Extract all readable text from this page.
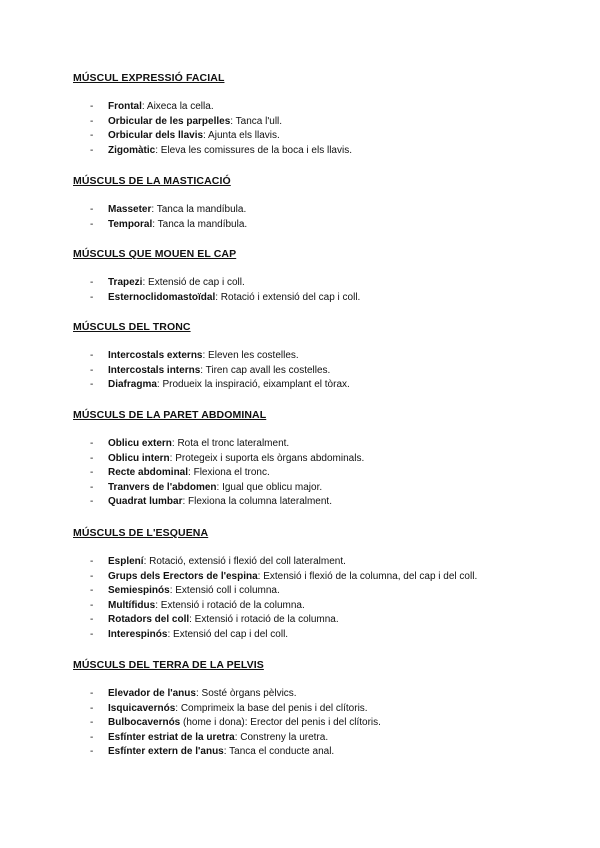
MÚSCUL EXPRESSIÓ FACIAL
- Frontal: Aixeca la cella.
- Orbicular de les parpelles: Tanca l'ull.
- Orbicular dels llavis: Ajunta els llavis.
- Zigomàtic: Eleva les comissures de la boca i els llavis.
MÚSCULS DE LA MASTICACIÓ
- Masseter: Tanca la mandíbula.
- Temporal: Tanca la mandíbula.
MÚSCULS QUE MOUEN EL CAP
- Trapezi: Extensió de cap i coll.
- Esternoclidomastoïdal: Rotació i extensió del cap i coll.
MÚSCULS DEL TRONC
- Intercostals externs: Eleven les costelles.
- Intercostals interns: Tiren cap avall les costelles.
- Diafragma: Produeix la inspiració, eixamplant el tòrax.
MÚSCULS DE LA PARET ABDOMINAL
- Oblicu extern: Rota el tronc lateralment.
- Oblicu intern: Protegeix i suporta els òrgans abdominals.
- Recte abdominal: Flexiona el tronc.
- Tranvers de l'abdomen: Igual que oblicu major.
- Quadrat lumbar: Flexiona la columna lateralment.
MÚSCULS DE L'ESQUENA
- Esplení: Rotació, extensió i flexió del coll lateralment.
- Grups dels Erectors de l'espina: Extensió i flexió de la columna, del cap i del coll.
- Semiespinós: Extensió coll i columna.
- Multífidus: Extensió i rotació de la columna.
- Rotadors del coll: Extensió i rotació de la columna.
- Interespinós: Extensió del cap i del coll.
MÚSCULS DEL TERRA DE LA PELVIS
- Elevador de l'anus: Sosté òrgans pèlvics.
- Isquicavernós: Comprimeix la base del penis i del clítoris.
- Bulbocavernós (home i dona): Erector del penis i del clítoris.
- Esfínter estriat de la uretra: Constreny la uretra.
- Esfínter extern de l'anus: Tanca el conducte anal.
